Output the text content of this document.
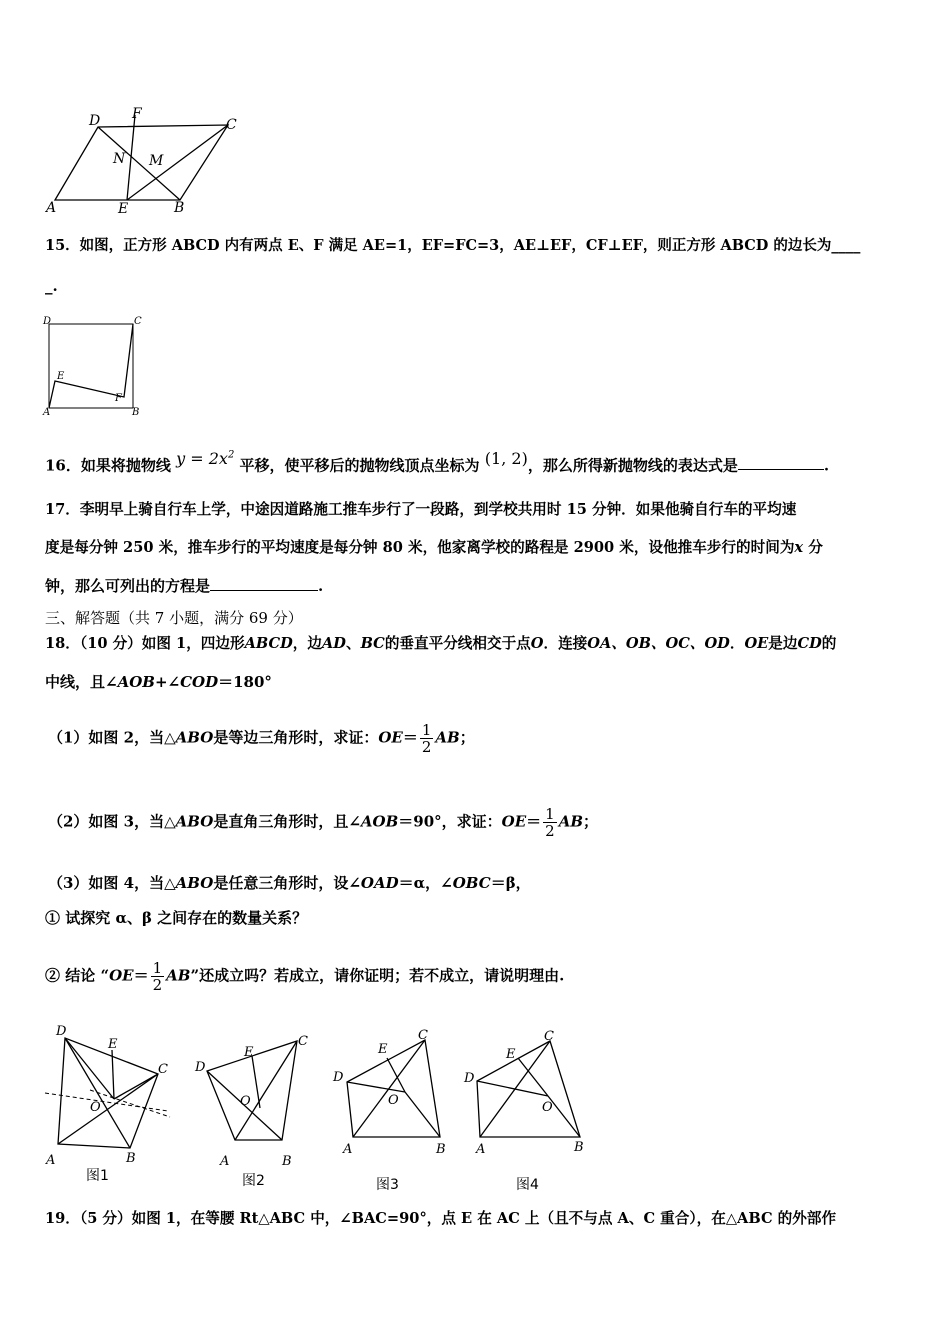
D F
C
N M
A	E	B
15．如图，正方形 ABCD 内有两点 E、F 满足 AE=1，EF=FC=3，AE⊥EF，CF⊥EF，则正方形 ABCD 的边长为____
_.
D	C
E
F
A	B
16．如果将抛物线 $y = 2x^2$ 平移，使平移后的抛物线顶点坐标为 (1, 2)，那么所得新抛物线的表达式是	.
17．李明早上骑自行车上学，中途因道路施工推车步行了一段路，到学校共用时 15 分钟．如果他骑自行车的平均速
度是每分钟 250 米，推车步行的平均速度是每分钟 80 米，他家离学校的路程是 2900 米，设他推车步行的时间为x 分
钟，那么可列出的方程是	.
三、解答题（共 7 小题，满分 69 分）
18．（10 分）如图 1，四边形ABCD，边AD、BC的垂直平分线相交于点O．连接OA、OB、OC、OD．OE是边CD的
中线，且∠AOB+∠COD＝180°
（1）如图 2，当△ABO是等边三角形时，求证：$OE= \frac{1}{2}$ AB；
（2）如图 3，当△ABO是直角三角形时，且∠AOB＝90°，求证：$OE= \frac{1}{2}$ AB；
（3）如图 4，当△ABO是任意三角形时，设∠OAD＝α，∠OBC＝β，
① 试探究 α、β 之间存在的数量关系？
② 结论 “$OE= \frac{1}{2}$ AB”还成立吗？若成立，请你证明；若不成立，请说明理由.
D
E
C
O
A	B
图1
D
E
C
O
A	B
图2
D
E
C
O
A	B
图3
D
E
C
O
A	B
图4
19．（5 分）如图 1，在等腰 Rt△ABC 中，∠BAC=90°，点 E 在 AC 上（且不与点 A、C 重合），在△ABC 的外部作
